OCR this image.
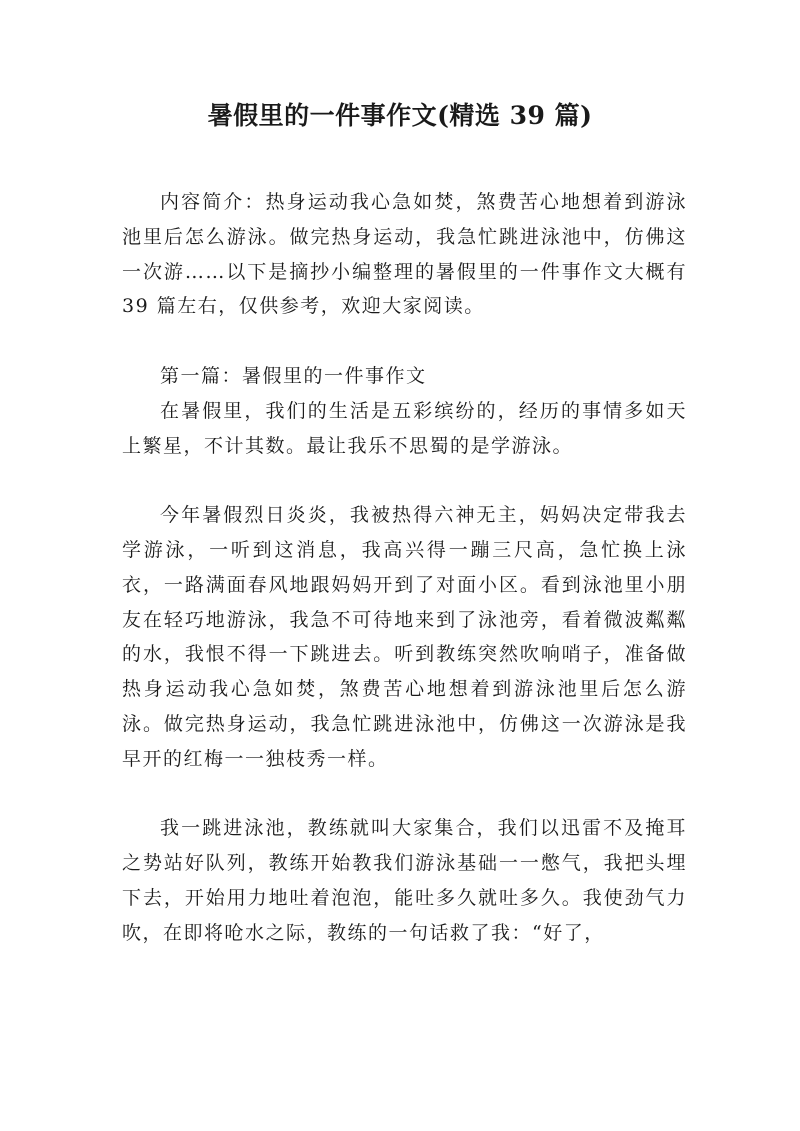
暑假里的一件事作文(精选 39 篇)

内容简介：热身运动我心急如焚，煞费苦心地想着到游泳池里后怎么游泳。做完热身运动，我急忙跳进泳池中，仿佛这一次游……以下是摘抄小编整理的暑假里的一件事作文大概有 39 篇左右，仅供参考，欢迎大家阅读。

第一篇：暑假里的一件事作文

在暑假里，我们的生活是五彩缤纷的，经历的事情多如天上繁星，不计其数。最让我乐不思蜀的是学游泳。

今年暑假烈日炎炎，我被热得六神无主，妈妈决定带我去学游泳，一听到这消息，我高兴得一蹦三尺高，急忙换上泳衣，一路满面春风地跟妈妈开到了对面小区。看到泳池里小朋友在轻巧地游泳，我急不可待地来到了泳池旁，看着微波粼粼的水，我恨不得一下跳进去。听到教练突然吹响哨子，准备做热身运动我心急如焚，煞费苦心地想着到游泳池里后怎么游泳。做完热身运动，我急忙跳进泳池中，仿佛这一次游泳是我早开的红梅一一独枝秀一样。

我一跳进泳池，教练就叫大家集合，我们以迅雷不及掩耳之势站好队列，教练开始教我们游泳基础一一憋气，我把头埋下去，开始用力地吐着泡泡，能吐多久就吐多久。我使劲气力吹，在即将呛水之际，教练的一句话救了我：“好了，
